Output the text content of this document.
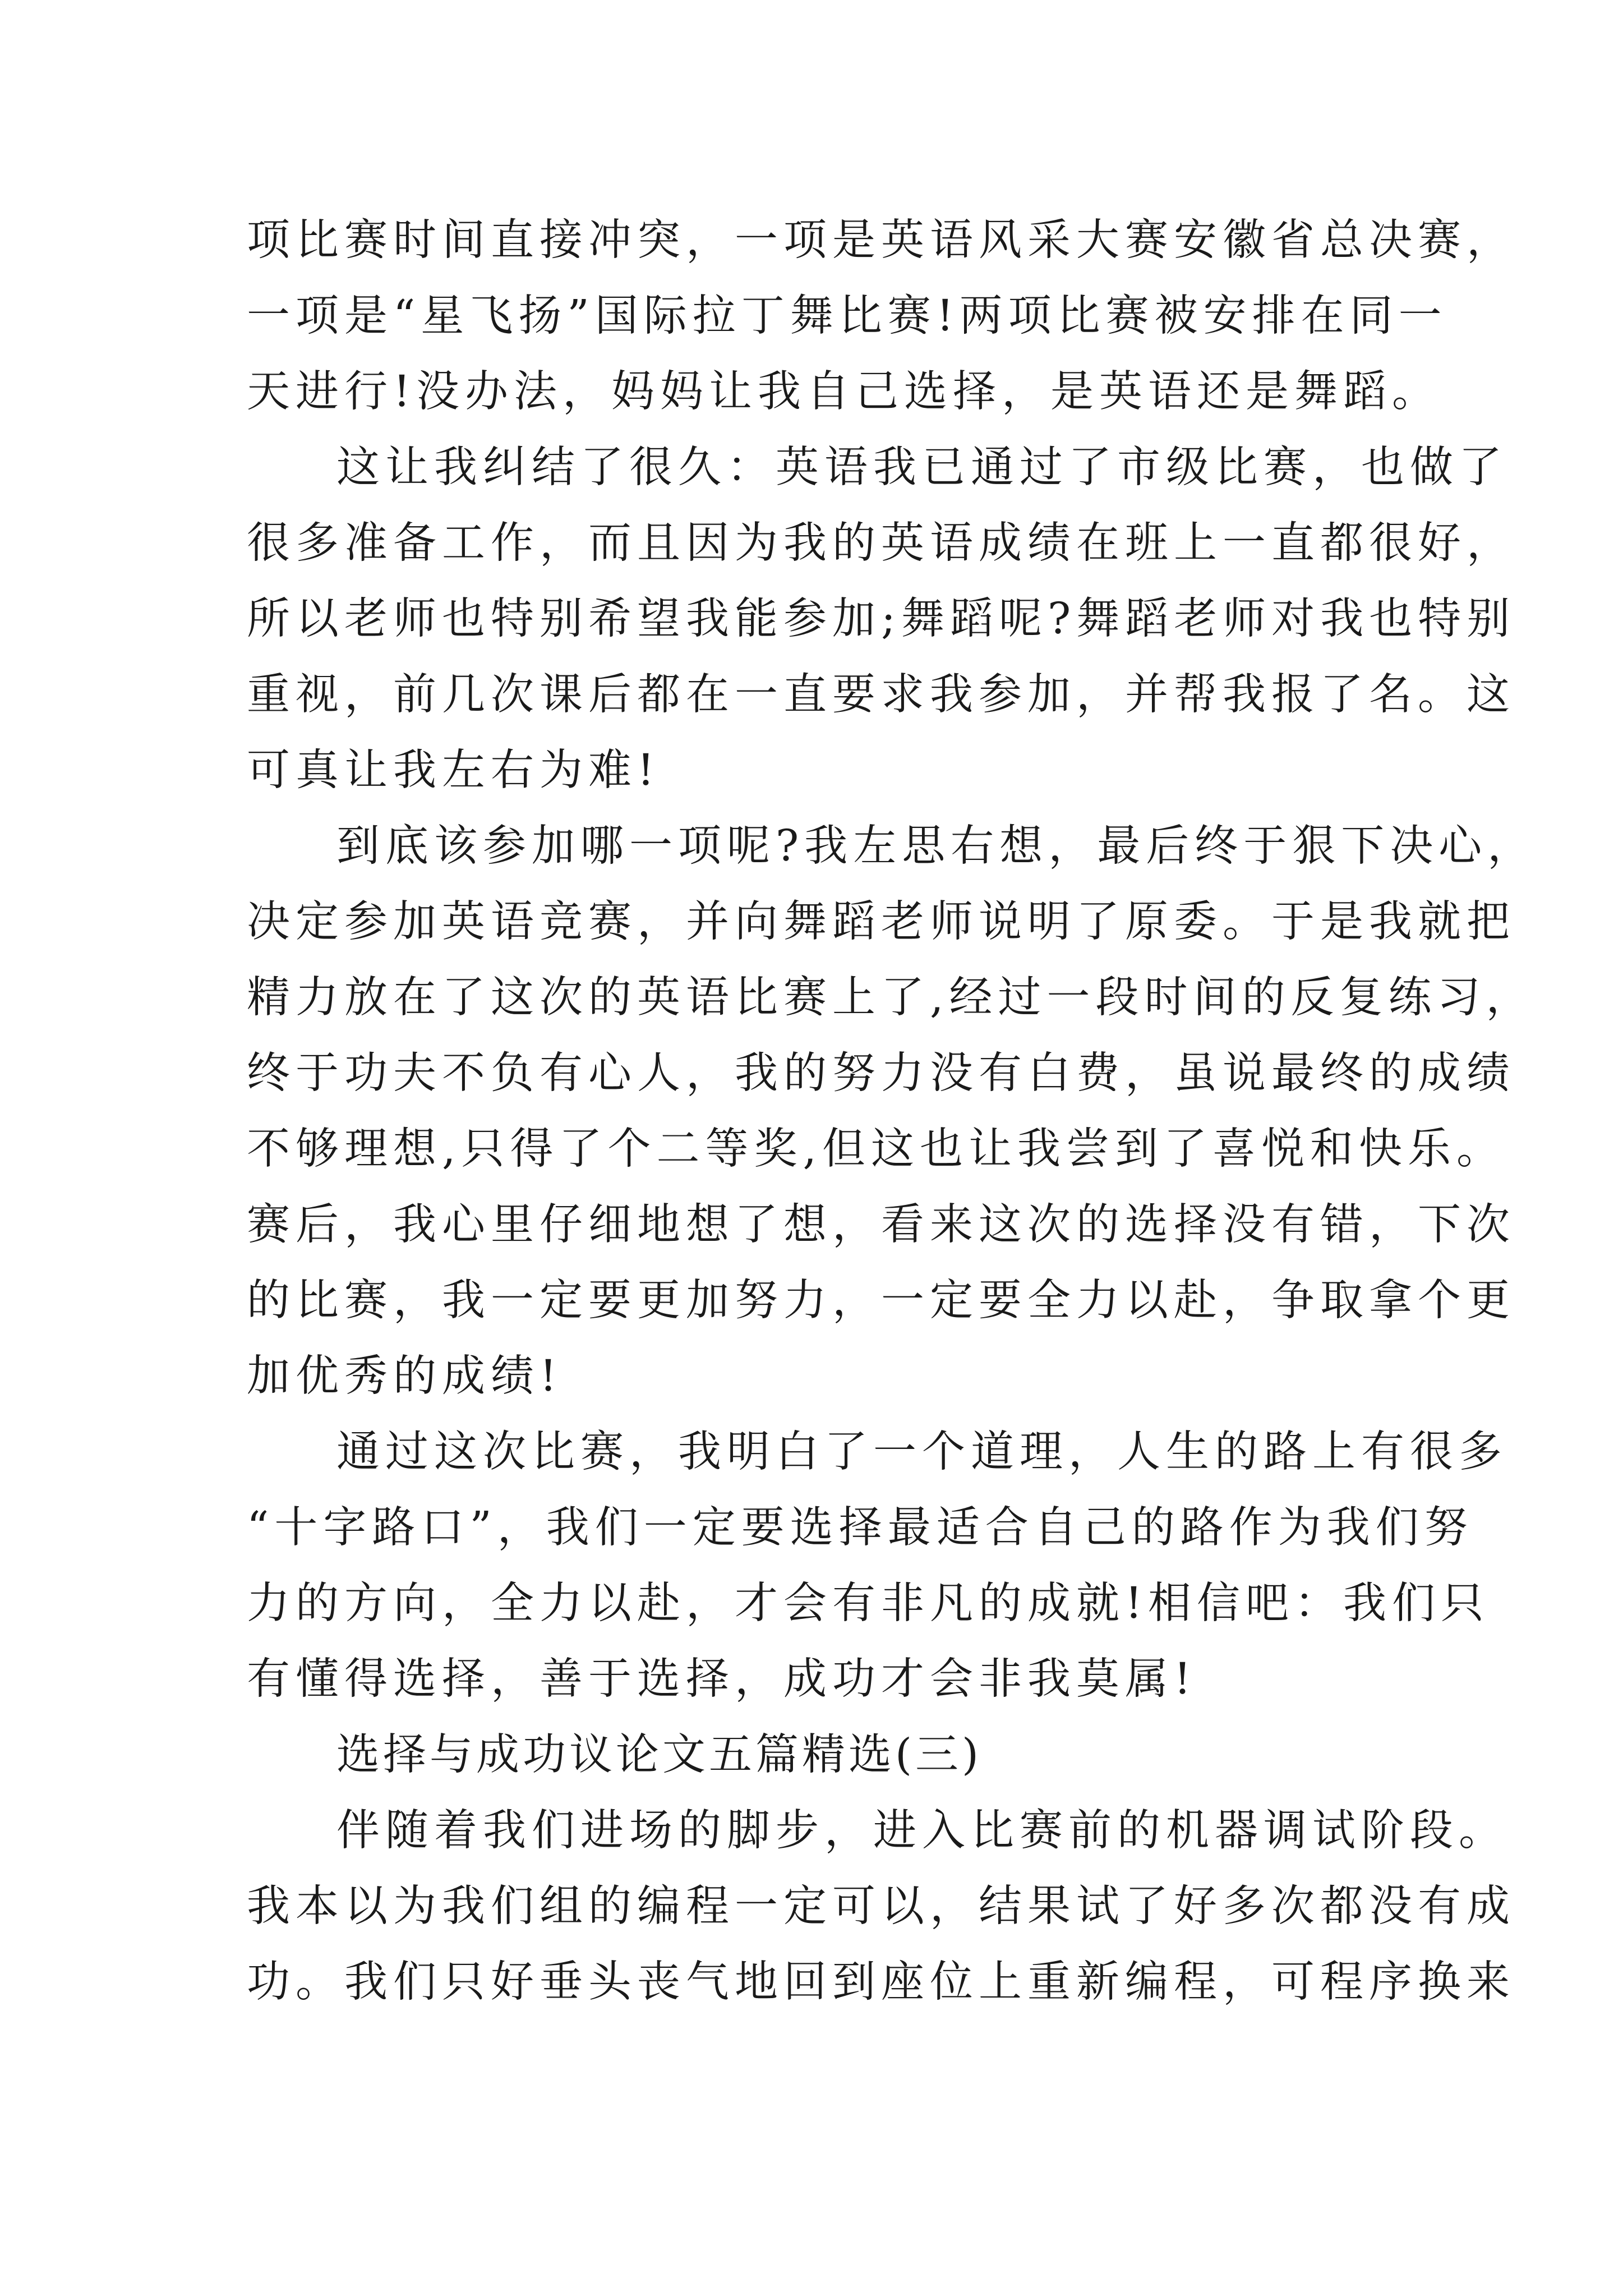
项比赛时间直接冲突，一项是英语风采大赛安徽省总决赛，
一项是“星飞扬”国际拉丁舞比赛!两项比赛被安排在同一
天进行!没办法，妈妈让我自己选择，是英语还是舞蹈。
这让我纠结了很久：英语我已通过了市级比赛，也做了
很多准备工作，而且因为我的英语成绩在班上一直都很好，
所以老师也特别希望我能参加;舞蹈呢?舞蹈老师对我也特别
重视，前几次课后都在一直要求我参加，并帮我报了名。这
可真让我左右为难!
到底该参加哪一项呢?我左思右想，最后终于狠下决心，
决定参加英语竞赛，并向舞蹈老师说明了原委。于是我就把
精力放在了这次的英语比赛上了,经过一段时间的反复练习，
终于功夫不负有心人，我的努力没有白费，虽说最终的成绩
不够理想,只得了个二等奖,但这也让我尝到了喜悦和快乐。
赛后，我心里仔细地想了想，看来这次的选择没有错，下次
的比赛，我一定要更加努力，一定要全力以赴，争取拿个更
加优秀的成绩!
通过这次比赛，我明白了一个道理，人生的路上有很多
“十字路口”，我们一定要选择最适合自己的路作为我们努
力的方向，全力以赴，才会有非凡的成就!相信吧：我们只
有懂得选择，善于选择，成功才会非我莫属!
选择与成功议论文五篇精选(三)
伴随着我们进场的脚步，进入比赛前的机器调试阶段。
我本以为我们组的编程一定可以，结果试了好多次都没有成
功。我们只好垂头丧气地回到座位上重新编程，可程序换来
